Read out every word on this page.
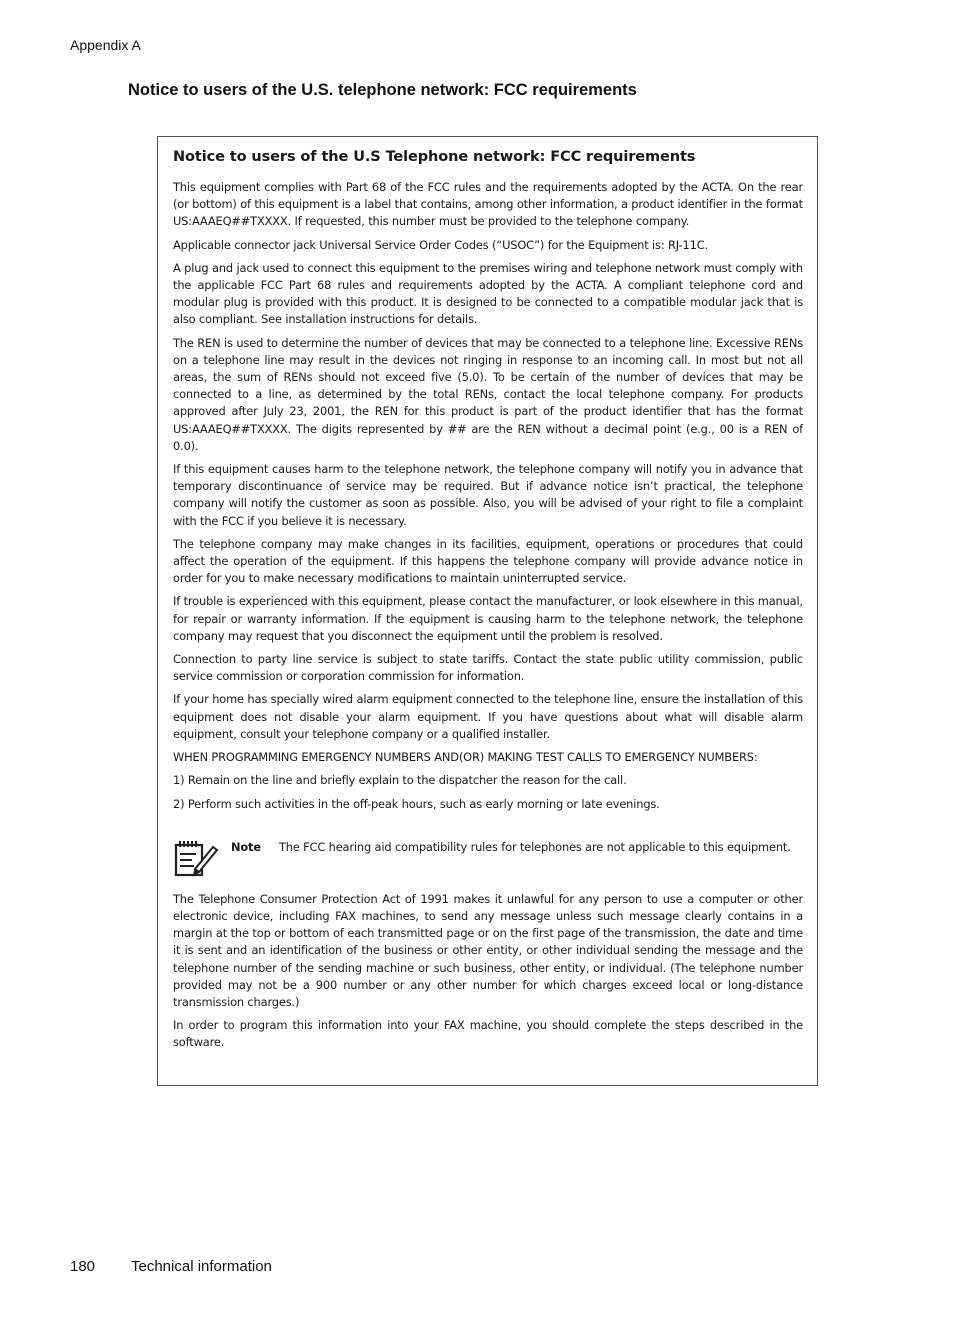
Appendix A
Notice to users of the U.S. telephone network: FCC requirements
Notice to users of the U.S Telephone network: FCC requirements

This equipment complies with Part 68 of the FCC rules and the requirements adopted by the ACTA. On the rear (or bottom) of this equipment is a label that contains, among other information, a product identifier in the format US:AAAEQ##TXXXX. If requested, this number must be provided to the telephone company.

Applicable connector jack Universal Service Order Codes (“USOC”) for the Equipment is: RJ-11C.

A plug and jack used to connect this equipment to the premises wiring and telephone network must comply with the applicable FCC Part 68 rules and requirements adopted by the ACTA. A compliant telephone cord and modular plug is provided with this product. It is designed to be connected to a compatible modular jack that is also compliant. See installation instructions for details.

The REN is used to determine the number of devices that may be connected to a telephone line. Excessive RENs on a telephone line may result in the devices not ringing in response to an incoming call. In most but not all areas, the sum of RENs should not exceed five (5.0). To be certain of the number of devices that may be connected to a line, as determined by the total RENs, contact the local telephone company. For products approved after July 23, 2001, the REN for this product is part of the product identifier that has the format US:AAAEQ##TXXXX. The digits represented by ## are the REN without a decimal point (e.g., 00 is a REN of 0.0).

If this equipment causes harm to the telephone network, the telephone company will notify you in advance that temporary discontinuance of service may be required. But if advance notice isn’t practical, the telephone company will notify the customer as soon as possible. Also, you will be advised of your right to file a complaint with the FCC if you believe it is necessary.

The telephone company may make changes in its facilities, equipment, operations or procedures that could affect the operation of the equipment. If this happens the telephone company will provide advance notice in order for you to make necessary modifications to maintain uninterrupted service.

If trouble is experienced with this equipment, please contact the manufacturer, or look elsewhere in this manual, for repair or warranty information. If the equipment is causing harm to the telephone network, the telephone company may request that you disconnect the equipment until the problem is resolved.

Connection to party line service is subject to state tariffs. Contact the state public utility commission, public service commission or corporation commission for information.

If your home has specially wired alarm equipment connected to the telephone line, ensure the installation of this equipment does not disable your alarm equipment. If you have questions about what will disable alarm equipment, consult your telephone company or a qualified installer.

WHEN PROGRAMMING EMERGENCY NUMBERS AND(OR) MAKING TEST CALLS TO EMERGENCY NUMBERS:

1) Remain on the line and briefly explain to the dispatcher the reason for the call.

2) Perform such activities in the off-peak hours, such as early morning or late evenings.

Note The FCC hearing aid compatibility rules for telephones are not applicable to this equipment.

The Telephone Consumer Protection Act of 1991 makes it unlawful for any person to use a computer or other electronic device, including FAX machines, to send any message unless such message clearly contains in a margin at the top or bottom of each transmitted page or on the first page of the transmission, the date and time it is sent and an identification of the business or other entity, or other individual sending the message and the telephone number of the sending machine or such business, other entity, or individual. (The telephone number provided may not be a 900 number or any other number for which charges exceed local or long-distance transmission charges.)

In order to program this information into your FAX machine, you should complete the steps described in the software.

180 Technical information
